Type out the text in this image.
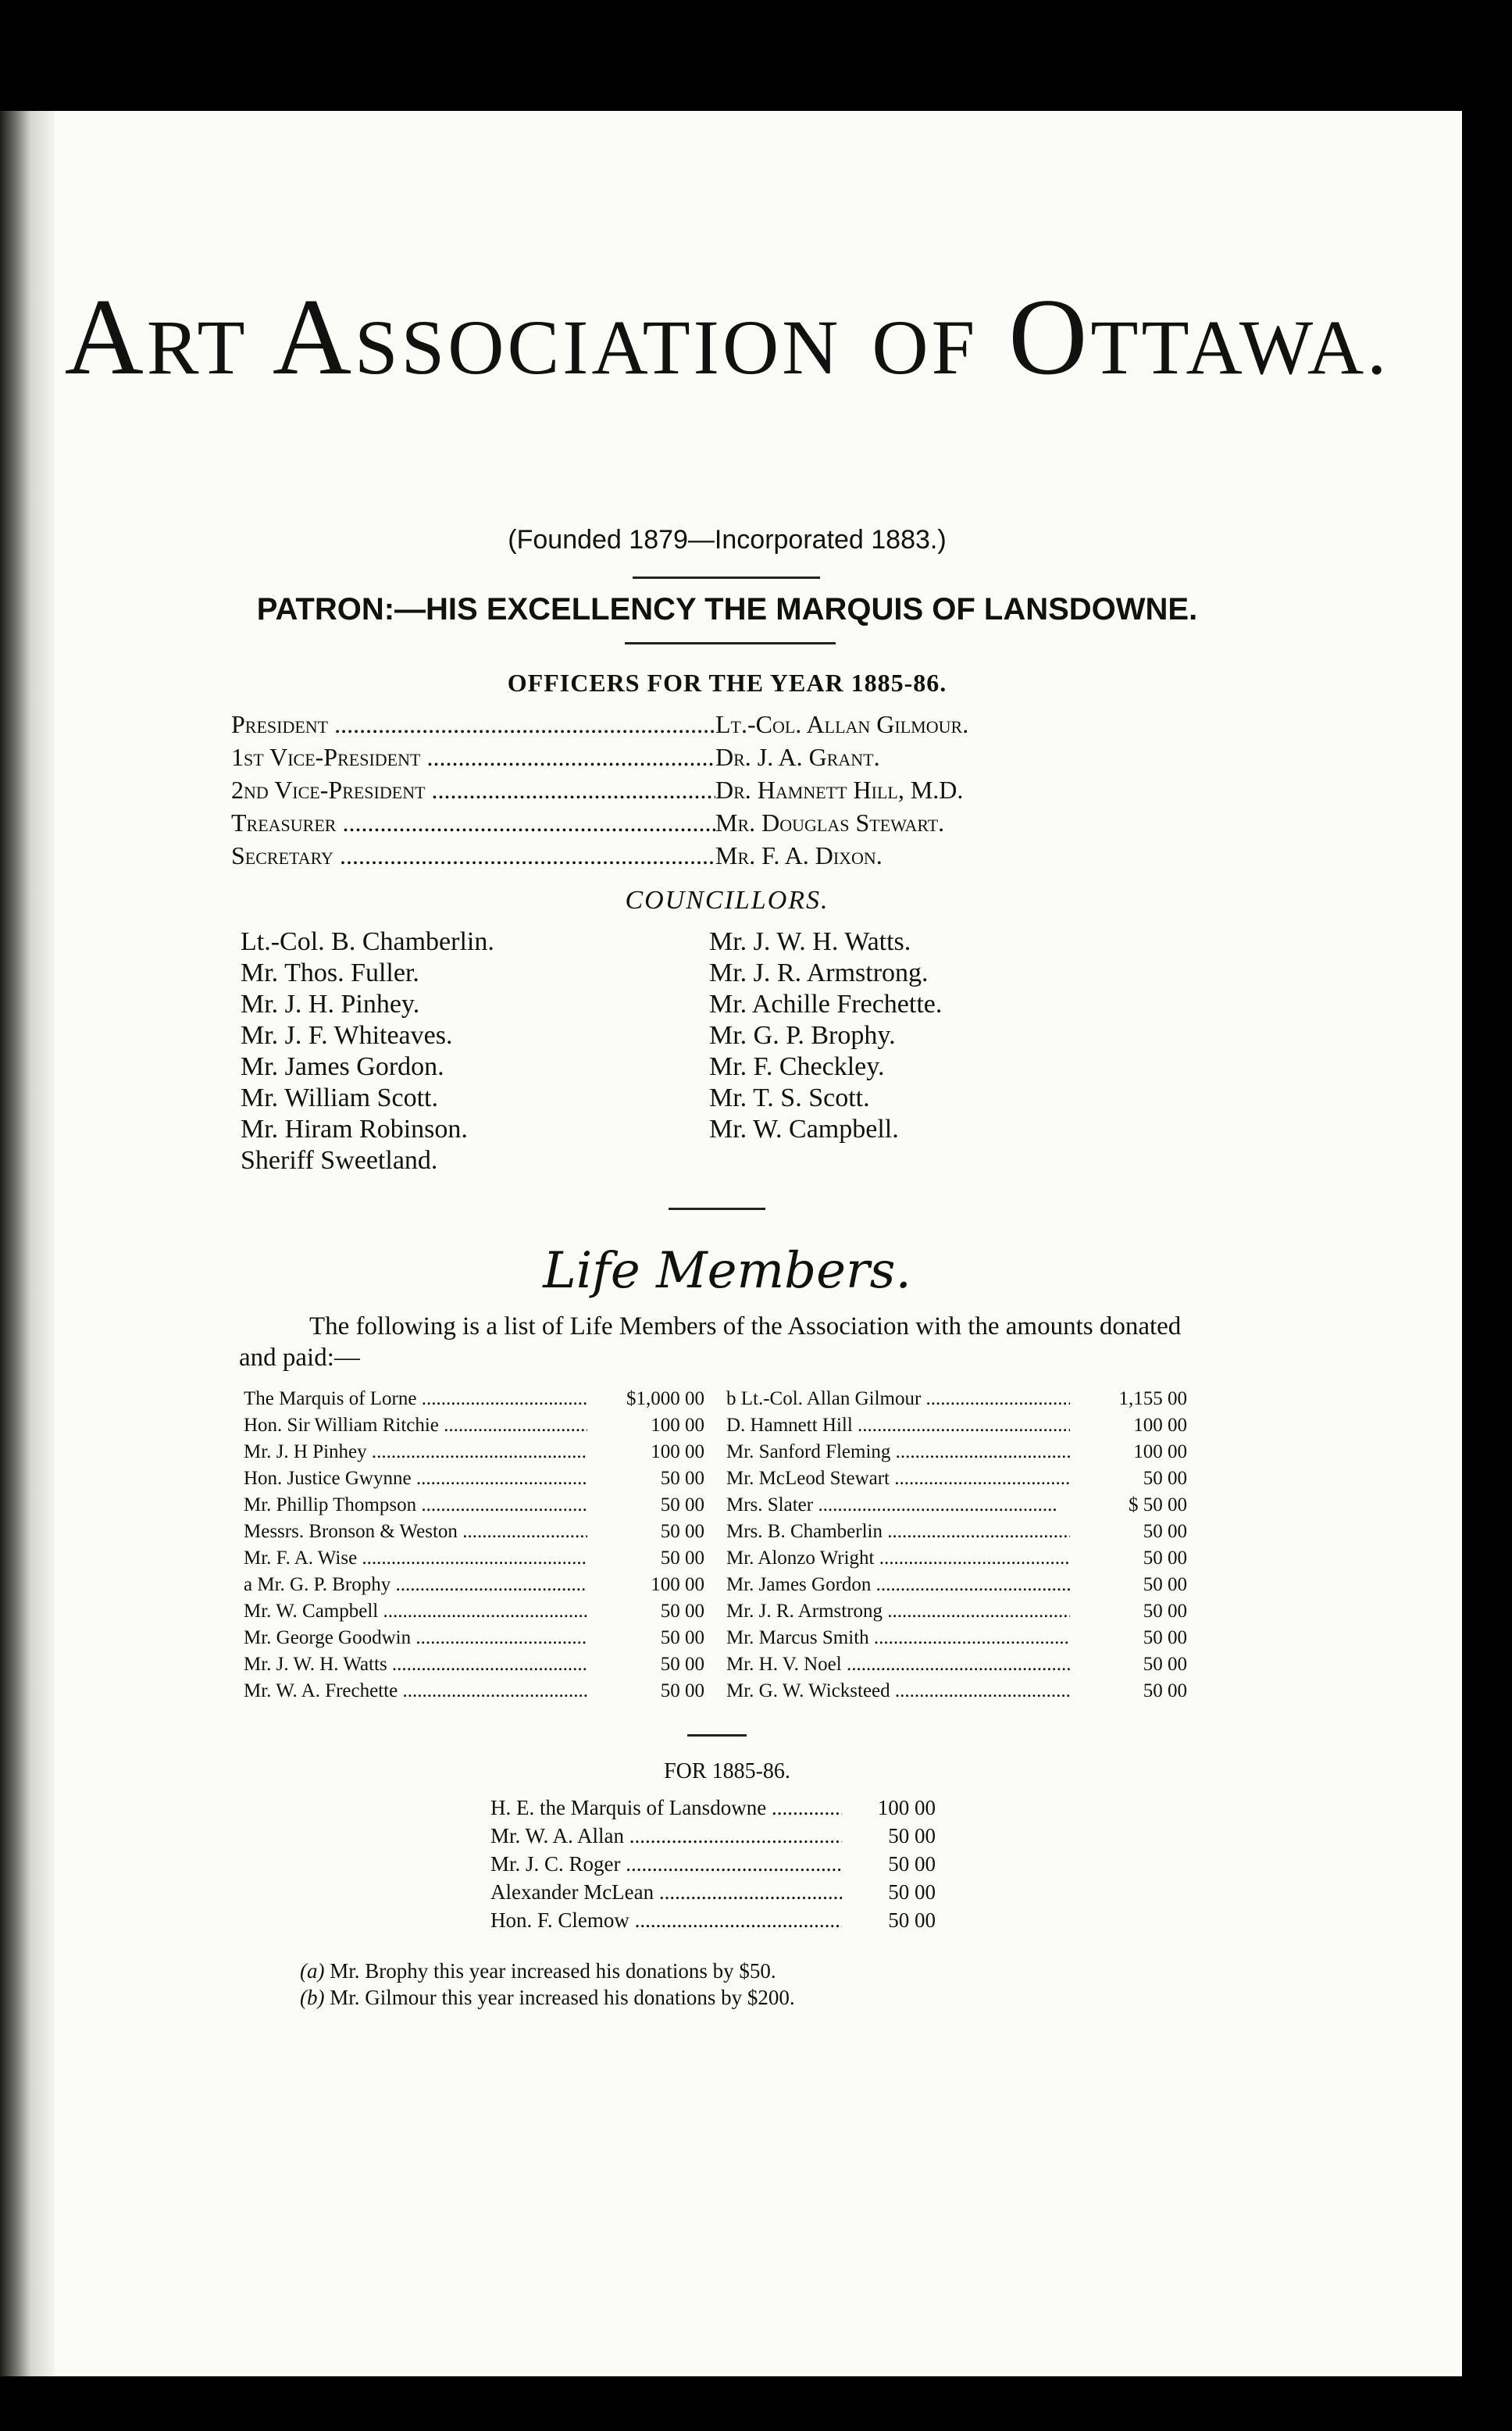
ART ASSOCIATION OF OTTAWA.
(Founded 1879—Incorporated 1883.)
PATRON:—HIS EXCELLENCY THE MARQUIS OF LANSDOWNE.
OFFICERS FOR THE YEAR 1885-86.
President .....	Lt.-Col. Allan Gilmour.
1st Vice-President .....	Dr. J. A. Grant.
2nd Vice-President .....	Dr. Hamnett Hill, M.D.
Treasurer .....	Mr. Douglas Stewart.
Secretary .....	Mr. F. A. Dixon.
COUNCILLORS.
Lt.-Col. B. Chamberlin.
Mr. Thos. Fuller.
Mr. J. H. Pinhey.
Mr. J. F. Whiteaves.
Mr. James Gordon.
Mr. William Scott.
Mr. Hiram Robinson.
Sheriff Sweetland.
Mr. J. W. H. Watts.
Mr. J. R. Armstrong.
Mr. Achille Frechette.
Mr. G. P. Brophy.
Mr. F. Checkley.
Mr. T. S. Scott.
Mr. W. Campbell.
Life Members.
The following is a list of Life Members of the Association with the amounts donated and paid:—
The Marquis of Lorne .....	$1,000 00
Hon. Sir William Ritchie .....	100 00
Mr. J. H Pinhey .....	100 00
Hon. Justice Gwynne .....	50 00
Mr. Phillip Thompson .....	50 00
Messrs. Bronson & Weston .....	50 00
Mr. F. A. Wise .....	50 00
a Mr. G. P. Brophy .....	100 00
Mr. W. Campbell .....	50 00
Mr. George Goodwin .....	50 00
Mr. J. W. H. Watts .....	50 00
Mr. W. A. Frechette .....	50 00
b Lt.-Col. Allan Gilmour .....	1,155 00
D. Hamnett Hill .....	100 00
Mr. Sanford Fleming .....	100 00
Mr. McLeod Stewart .....	50 00
Mrs. Slater .....	$ 50 00
Mrs. B. Chamberlin .....	50 00
Mr. Alonzo Wright .....	50 00
Mr. James Gordon .....	50 00
Mr. J. R. Armstrong .....	50 00
Mr. Marcus Smith .....	50 00
Mr. H. V. Noel .....	50 00
Mr. G. W. Wicksteed .....	50 00
FOR 1885-86.
H. E. the Marquis of Lansdowne .....	100 00
Mr. W. A. Allan .....	50 00
Mr. J. C. Roger .....	50 00
Alexander McLean .....	50 00
Hon. F. Clemow .....	50 00
(a) Mr. Brophy this year increased his donations by $50.
(b) Mr. Gilmour this year increased his donations by $200.
